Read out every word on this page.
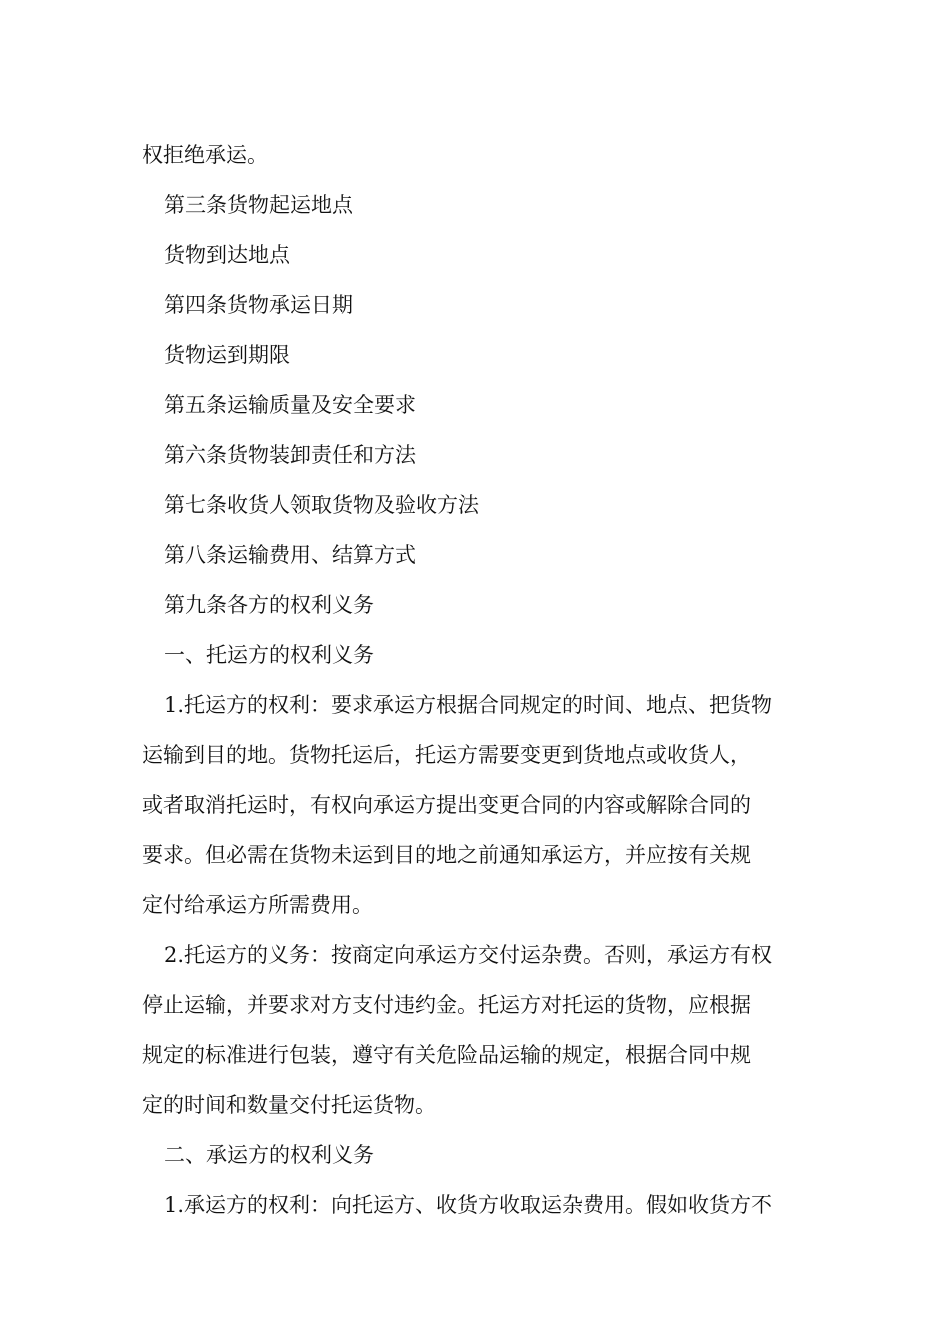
权拒绝承运。
第三条货物起运地点
货物到达地点
第四条货物承运日期
货物运到期限
第五条运输质量及安全要求
第六条货物装卸责任和方法
第七条收货人领取货物及验收方法
第八条运输费用、结算方式
第九条各方的权利义务
一、托运方的权利义务
1.托运方的权利：要求承运方根据合同规定的时间、地点、把货物
运输到目的地。货物托运后，托运方需要变更到货地点或收货人，
或者取消托运时，有权向承运方提出变更合同的内容或解除合同的
要求。但必需在货物未运到目的地之前通知承运方，并应按有关规
定付给承运方所需费用。
2.托运方的义务：按商定向承运方交付运杂费。否则，承运方有权
停止运输，并要求对方支付违约金。托运方对托运的货物，应根据
规定的标准进行包装，遵守有关危险品运输的规定，根据合同中规
定的时间和数量交付托运货物。
二、承运方的权利义务
1.承运方的权利：向托运方、收货方收取运杂费用。假如收货方不
